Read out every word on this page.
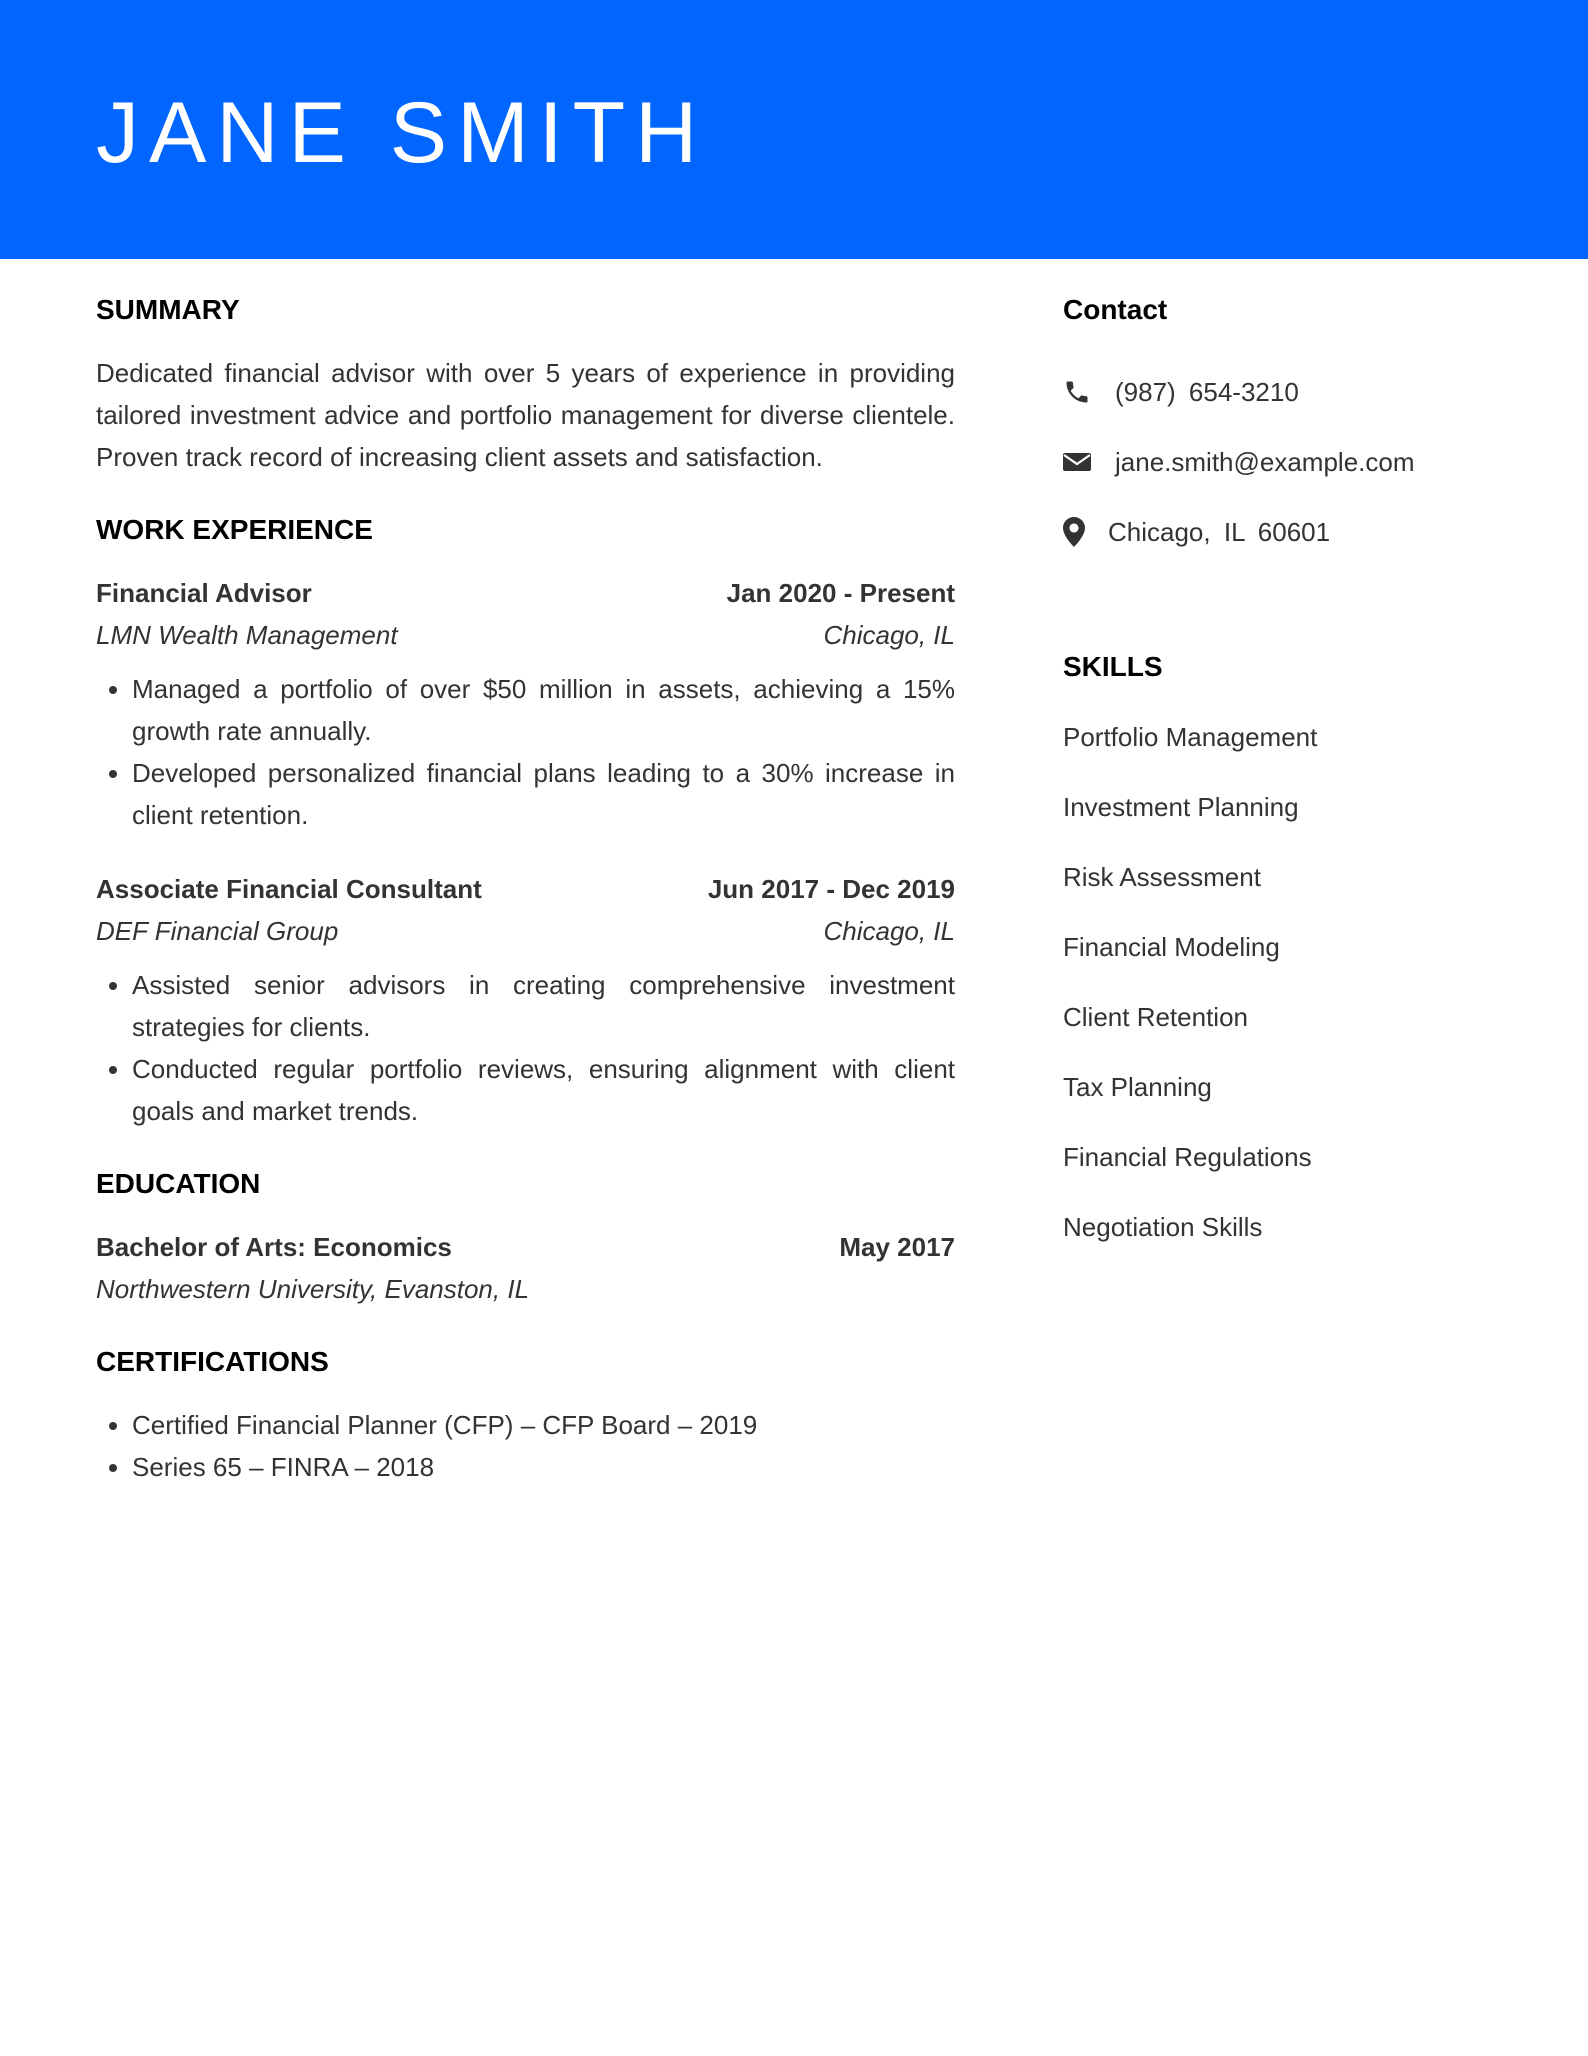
JANE SMITH
SUMMARY

Dedicated financial advisor with over 5 years of experience in providing tailored investment advice and portfolio management for diverse clientele. Proven track record of increasing client assets and satisfaction.

WORK EXPERIENCE
Financial Advisor	Jan 2020 - Present
LMN Wealth Management	Chicago, IL
• Managed a portfolio of over $50 million in assets, achieving a 15% growth rate annually.
• Developed personalized financial plans leading to a 30% increase in client retention.
Associate Financial Consultant	Jun 2017 - Dec 2019
DEF Financial Group	Chicago, IL
• Assisted senior advisors in creating comprehensive investment strategies for clients.
• Conducted regular portfolio reviews, ensuring alignment with client goals and market trends.
EDUCATION
Bachelor of Arts: Economics	May 2017
Northwestern University, Evanston, IL
CERTIFICATIONS
• Certified Financial Planner (CFP) – CFP Board – 2019
• Series 65 – FINRA – 2018
Contact
(987) 654-3210
jane.smith@example.com
Chicago, IL 60601
SKILLS
Portfolio Management
Investment Planning
Risk Assessment
Financial Modeling
Client Retention
Tax Planning
Financial Regulations
Negotiation Skills
